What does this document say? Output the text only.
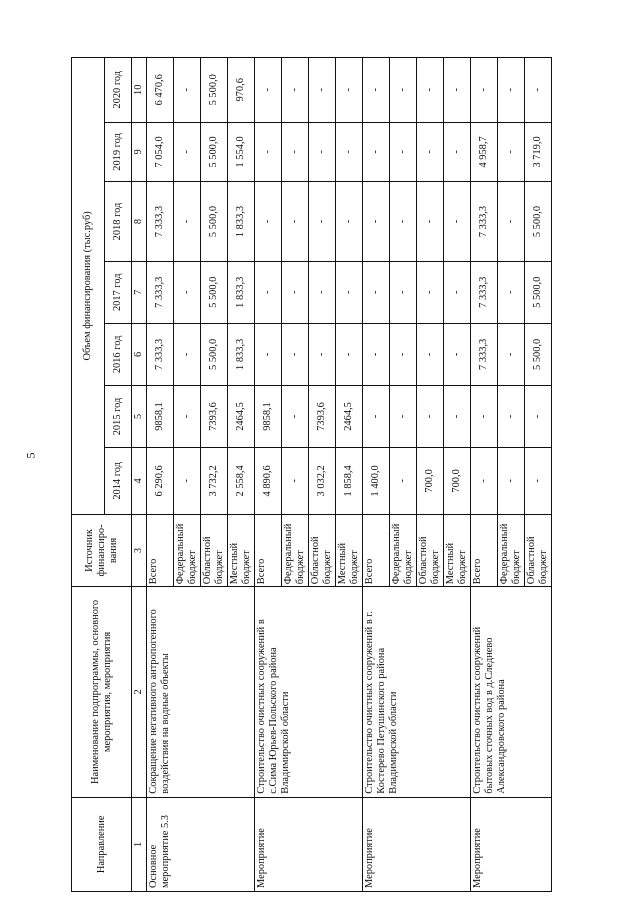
5
Направление	Наименование подпрограммы, основного мероприятия, мероприятия	Источник финансиро-вания	Объем финансирования (тыс.руб)						
			2014 год	2015 год	2016 год	2017 год	2018 год	2019 год	2020 год
1	2	3	4	5	6	7	8	9	10
Основное мероприятие 5.3	Сокращение негативного антропогенного воздействия на водные объекты	Всего	6 290,6	9858,1	7 333,3	7 333,3	7 333,3	7 054,0	6 470,6
		Федеральный бюджет	-	-	-	-	-	-	-
		Областной бюджет	3 732,2	7393,6	5 500,0	5 500,0	5 500,0	5 500,0	5 500,0
		Местный бюджет	2 558,4	2464,5	1 833,3	1 833,3	1 833,3	1 554,0	970,6
Мероприятие	Строительство очистных сооружений в с.Сима Юрьев-Польского района Владимирской области	Всего	4 890,6	9858,1	-	-	-	-	-
		Федеральный бюджет	-	-	-	-	-	-	-
		Областной бюджет	3 032,2	7393,6	-	-	-	-	-
		Местный бюджет	1 858,4	2464,5	-	-	-	-	-
Мероприятие	Строительство очистных сооружений в г. Костерево Петушинского района Владимирской области	Всего	1 400,0	-	-	-	-	-	-
		Федеральный бюджет	-	-	-	-	-	-	-
		Областной бюджет	700,0	-	-	-	-	-	-
		Местный бюджет	700,0	-	-	-	-	-	-
Мероприятие	Строительство очистных сооружений бытовых сточных вод в д.Следнево Александровского района	Всего	-	-	7 333,3	7 333,3	7 333,3	4 958,7	-
		Федеральный бюджет	-	-	-	-	-	-	-
		Областной бюджет	-	-	5 500,0	5 500,0	5 500,0	3 719,0	-
